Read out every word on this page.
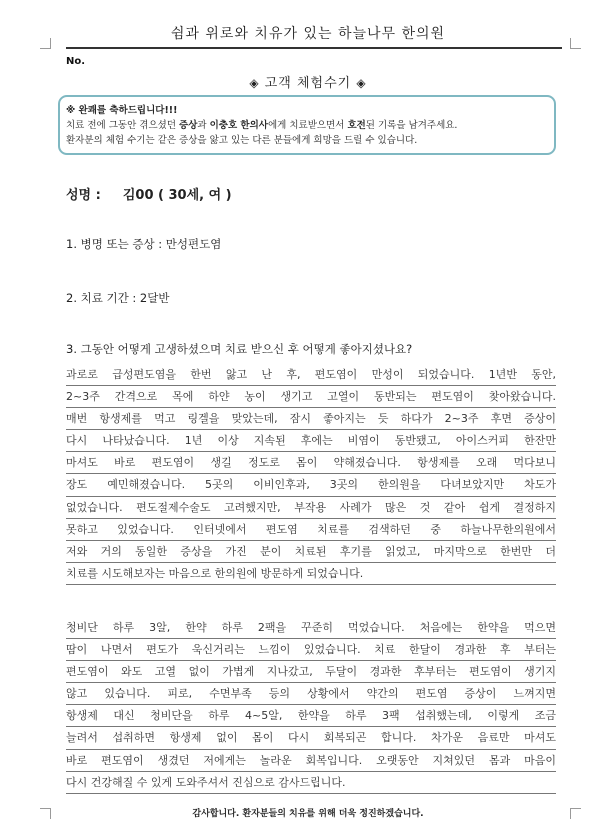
쉼과 위로와 치유가 있는 하늘나무 한의원
No.
◈ 고객 체험수기 ◈
※ 완쾌를 축하드립니다!!!
치료 전에 그동안 겪으셨던 증상과 이충호 한의사에게 치료받으면서 호전된 기록을 남겨주세요.
환자분의 체험 수기는 같은 증상을 앓고 있는 다른 분들에게 희망을 드릴 수 있습니다.
성명 : 김00 ( 30세, 여 )
1. 병명 또는 증상 : 만성편도염
2. 치료 기간 : 2달반
3. 그동안 어떻게 고생하셨으며 치료 받으신 후 어떻게 좋아지셨나요?
과로로 급성편도염을 한번 앓고 난 후, 편도염이 만성이 되었습니다. 1년반 동안,
2~3주 간격으로 목에 하얀 농이 생기고 고열이 동반되는 편도염이 찾아왔습니다.
매번 항생제를 먹고 링겔을 맞았는데, 잠시 좋아지는 듯 하다가 2~3주 후면 증상이
다시 나타났습니다. 1년 이상 지속된 후에는 비염이 동반됐고, 아이스커피 한잔만
마셔도 바로 편도염이 생길 정도로 몸이 약해졌습니다. 항생제를 오래 먹다보니
장도 예민해졌습니다. 5곳의 이비인후과, 3곳의 한의원을 다녀보았지만 차도가
없었습니다. 편도절제수술도 고려했지만, 부작용 사례가 많은 것 같아 쉽게 결정하지
못하고 있었습니다. 인터넷에서 편도염 치료를 검색하던 중 하늘나무한의원에서
저와 거의 동일한 증상을 가진 분이 치료된 후기를 읽었고, 마지막으로 한번만 더
치료를 시도해보자는 마음으로 한의원에 방문하게 되었습니다.
청비단 하루 3알, 한약 하루 2팩을 꾸준히 먹었습니다. 처음에는 한약을 먹으면
땀이 나면서 편도가 욱신거리는 느낌이 있었습니다. 치료 한달이 경과한 후 부터는
편도염이 와도 고열 없이 가볍게 지나갔고, 두달이 경과한 후부터는 편도염이 생기지
않고 있습니다. 피로, 수면부족 등의 상황에서 약간의 편도염 증상이 느껴지면
항생제 대신 청비단을 하루 4~5알, 한약을 하루 3팩 섭취했는데, 이렇게 조금
늘려서 섭취하면 항생제 없이 몸이 다시 회복되곤 합니다. 차가운 음료만 마셔도
바로 편도염이 생겼던 저에게는 놀라운 회복입니다. 오랫동안 지쳐있던 몸과 마음이
다시 건강해질 수 있게 도와주셔서 진심으로 감사드립니다.
감사합니다. 환자분들의 치유를 위해 더욱 정진하겠습니다.
